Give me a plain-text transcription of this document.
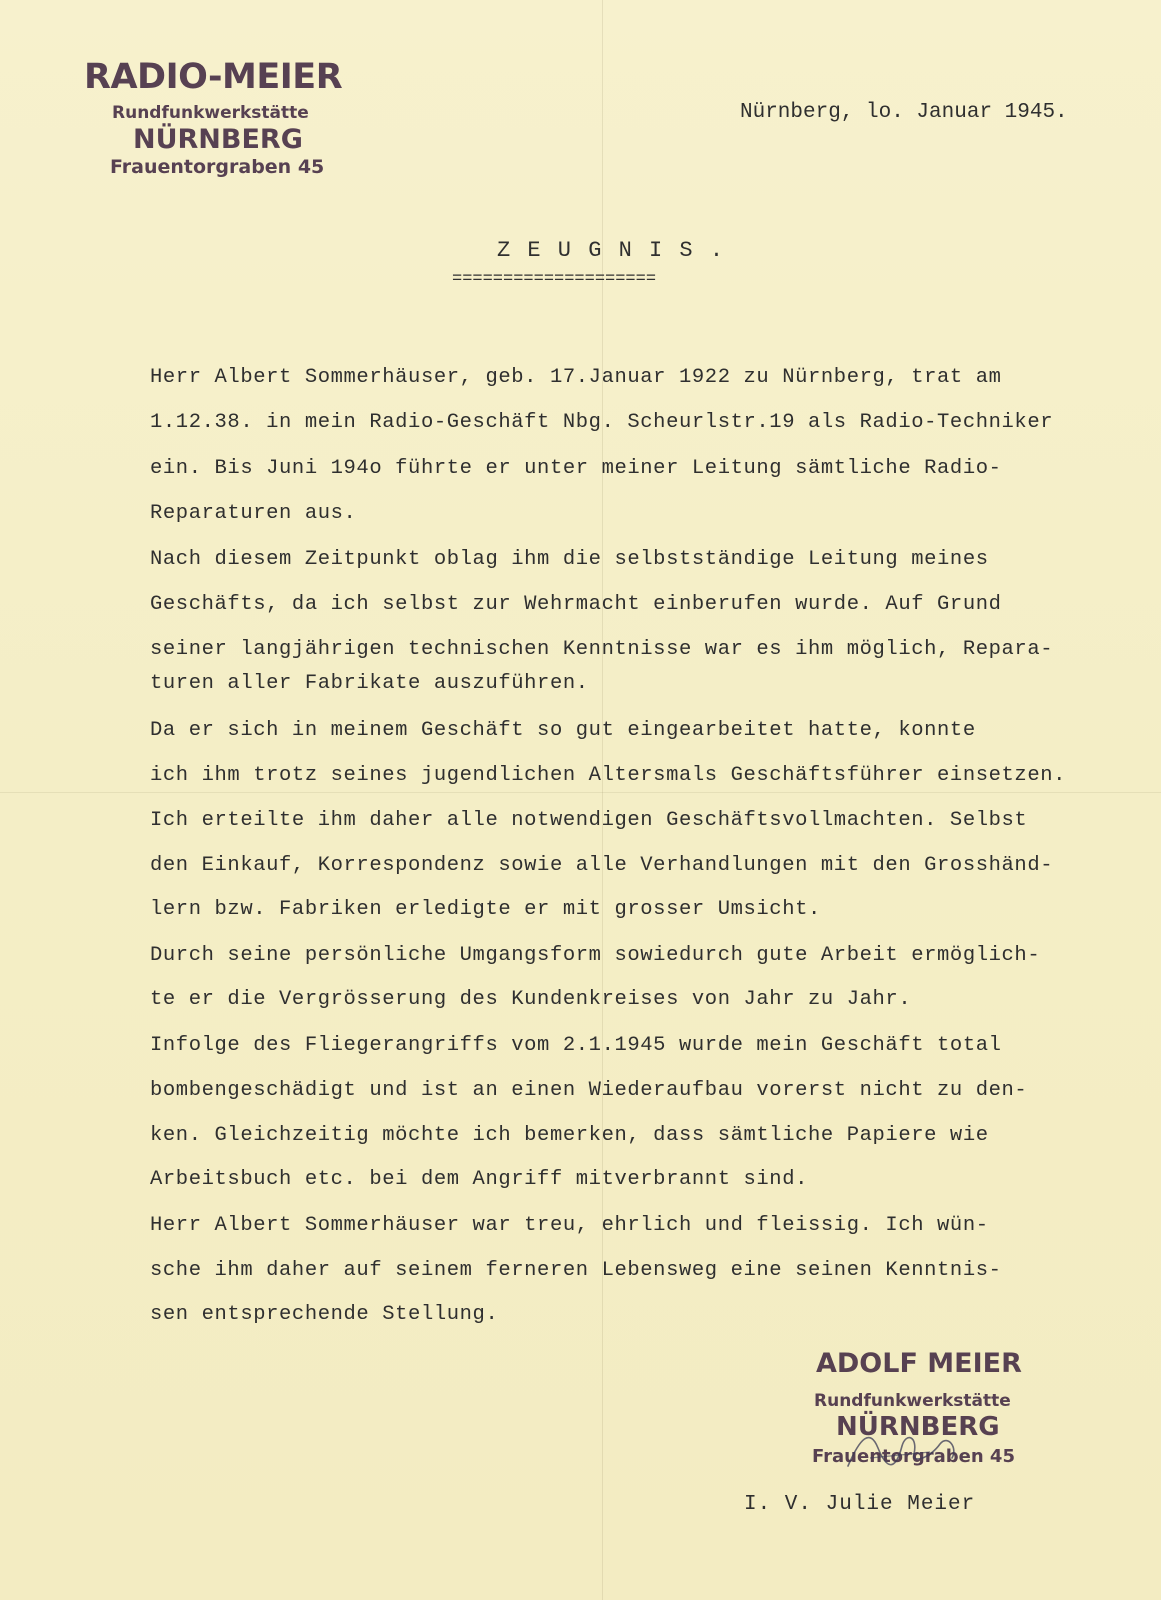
RADIO-MEIER
Rundfunkwerkstätte
NÜRNBERG
Frauentorgraben 45
Nürnberg, lo. Januar 1945.
Z E U G N I S .
====================

Herr Albert Sommerhäuser, geb. 17.Januar 1922 zu Nürnberg, trat am

1.12.38. in mein Radio-Geschäft Nbg. Scheurlstr.19 als Radio-Techniker

ein. Bis Juni 194o führte er unter meiner Leitung sämtliche Radio-

Reparaturen aus.

Nach diesem Zeitpunkt oblag ihm die selbstständige Leitung meines

Geschäfts, da ich selbst zur Wehrmacht einberufen wurde. Auf Grund

seiner langjährigen technischen Kenntnisse war es ihm möglich, Repara-

turen aller Fabrikate auszuführen.

Da er sich in meinem Geschäft so gut eingearbeitet hatte, konnte

ich ihm trotz seines jugendlichen Altersmals Geschäftsführer einsetzen.

Ich erteilte ihm daher alle notwendigen Geschäftsvollmachten. Selbst

den Einkauf, Korrespondenz sowie alle Verhandlungen mit den Grosshänd-

lern bzw. Fabriken erledigte er mit grosser Umsicht.

Durch seine persönliche Umgangsform sowiedurch gute Arbeit ermöglich-

te er die Vergrösserung des Kundenkreises von Jahr zu Jahr.

Infolge des Fliegerangriffs vom 2.1.1945 wurde mein Geschäft total

bombengeschädigt und ist an einen Wiederaufbau vorerst nicht zu den-

ken. Gleichzeitig möchte ich bemerken, dass sämtliche Papiere wie

Arbeitsbuch etc. bei dem Angriff mitverbrannt sind.

Herr Albert Sommerhäuser war treu, ehrlich und fleissig. Ich wün-

sche ihm daher auf seinem ferneren Lebensweg eine seinen Kenntnis-

sen entsprechende Stellung.

ADOLF MEIER
Rundfunkwerkstätte
NÜRNBERG
Frauentorgraben 45
I. V. Julie Meier
